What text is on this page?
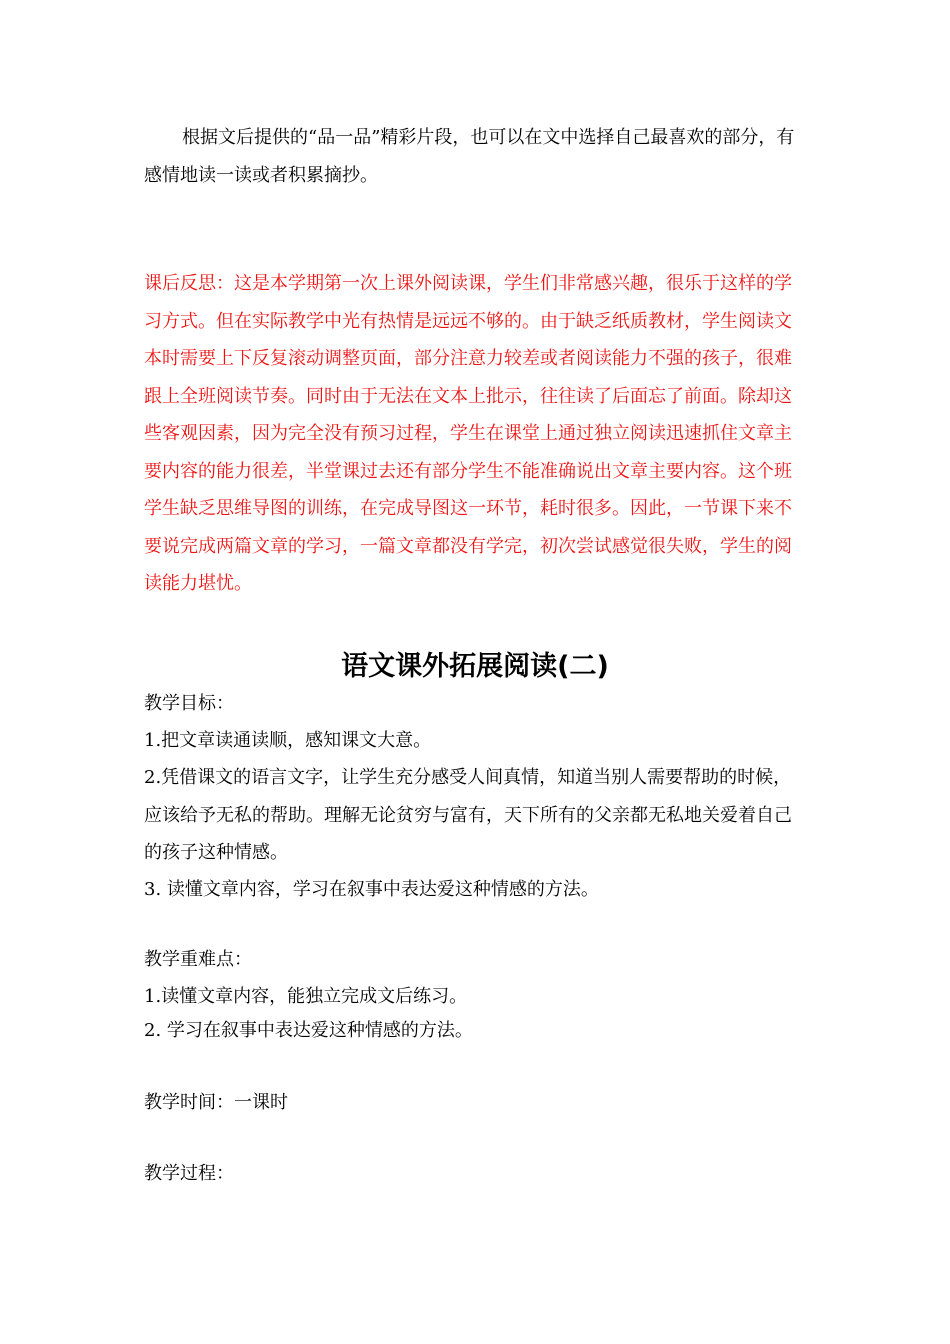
根据文后提供的“品一品”精彩片段，也可以在文中选择自己最喜欢的部分，有感情地读一读或者积累摘抄。

课后反思：这是本学期第一次上课外阅读课，学生们非常感兴趣，很乐于这样的学习方式。但在实际教学中光有热情是远远不够的。由于缺乏纸质教材，学生阅读文本时需要上下反复滚动调整页面，部分注意力较差或者阅读能力不强的孩子，很难跟上全班阅读节奏。同时由于无法在文本上批示，往往读了后面忘了前面。除却这些客观因素，因为完全没有预习过程，学生在课堂上通过独立阅读迅速抓住文章主要内容的能力很差，半堂课过去还有部分学生不能准确说出文章主要内容。这个班学生缺乏思维导图的训练，在完成导图这一环节，耗时很多。因此，一节课下来不要说完成两篇文章的学习，一篇文章都没有学完，初次尝试感觉很失败，学生的阅读能力堪忧。

语文课外拓展阅读(二)

教学目标：

1.把文章读通读顺，感知课文大意。

2.凭借课文的语言文字，让学生充分感受人间真情，知道当别人需要帮助的时候，应该给予无私的帮助。理解无论贫穷与富有，天下所有的父亲都无私地关爱着自己的孩子这种情感。

3. 读懂文章内容，学习在叙事中表达爱这种情感的方法。

教学重难点：

1.读懂文章内容，能独立完成文后练习。

2. 学习在叙事中表达爱这种情感的方法。

教学时间：一课时

教学过程：
